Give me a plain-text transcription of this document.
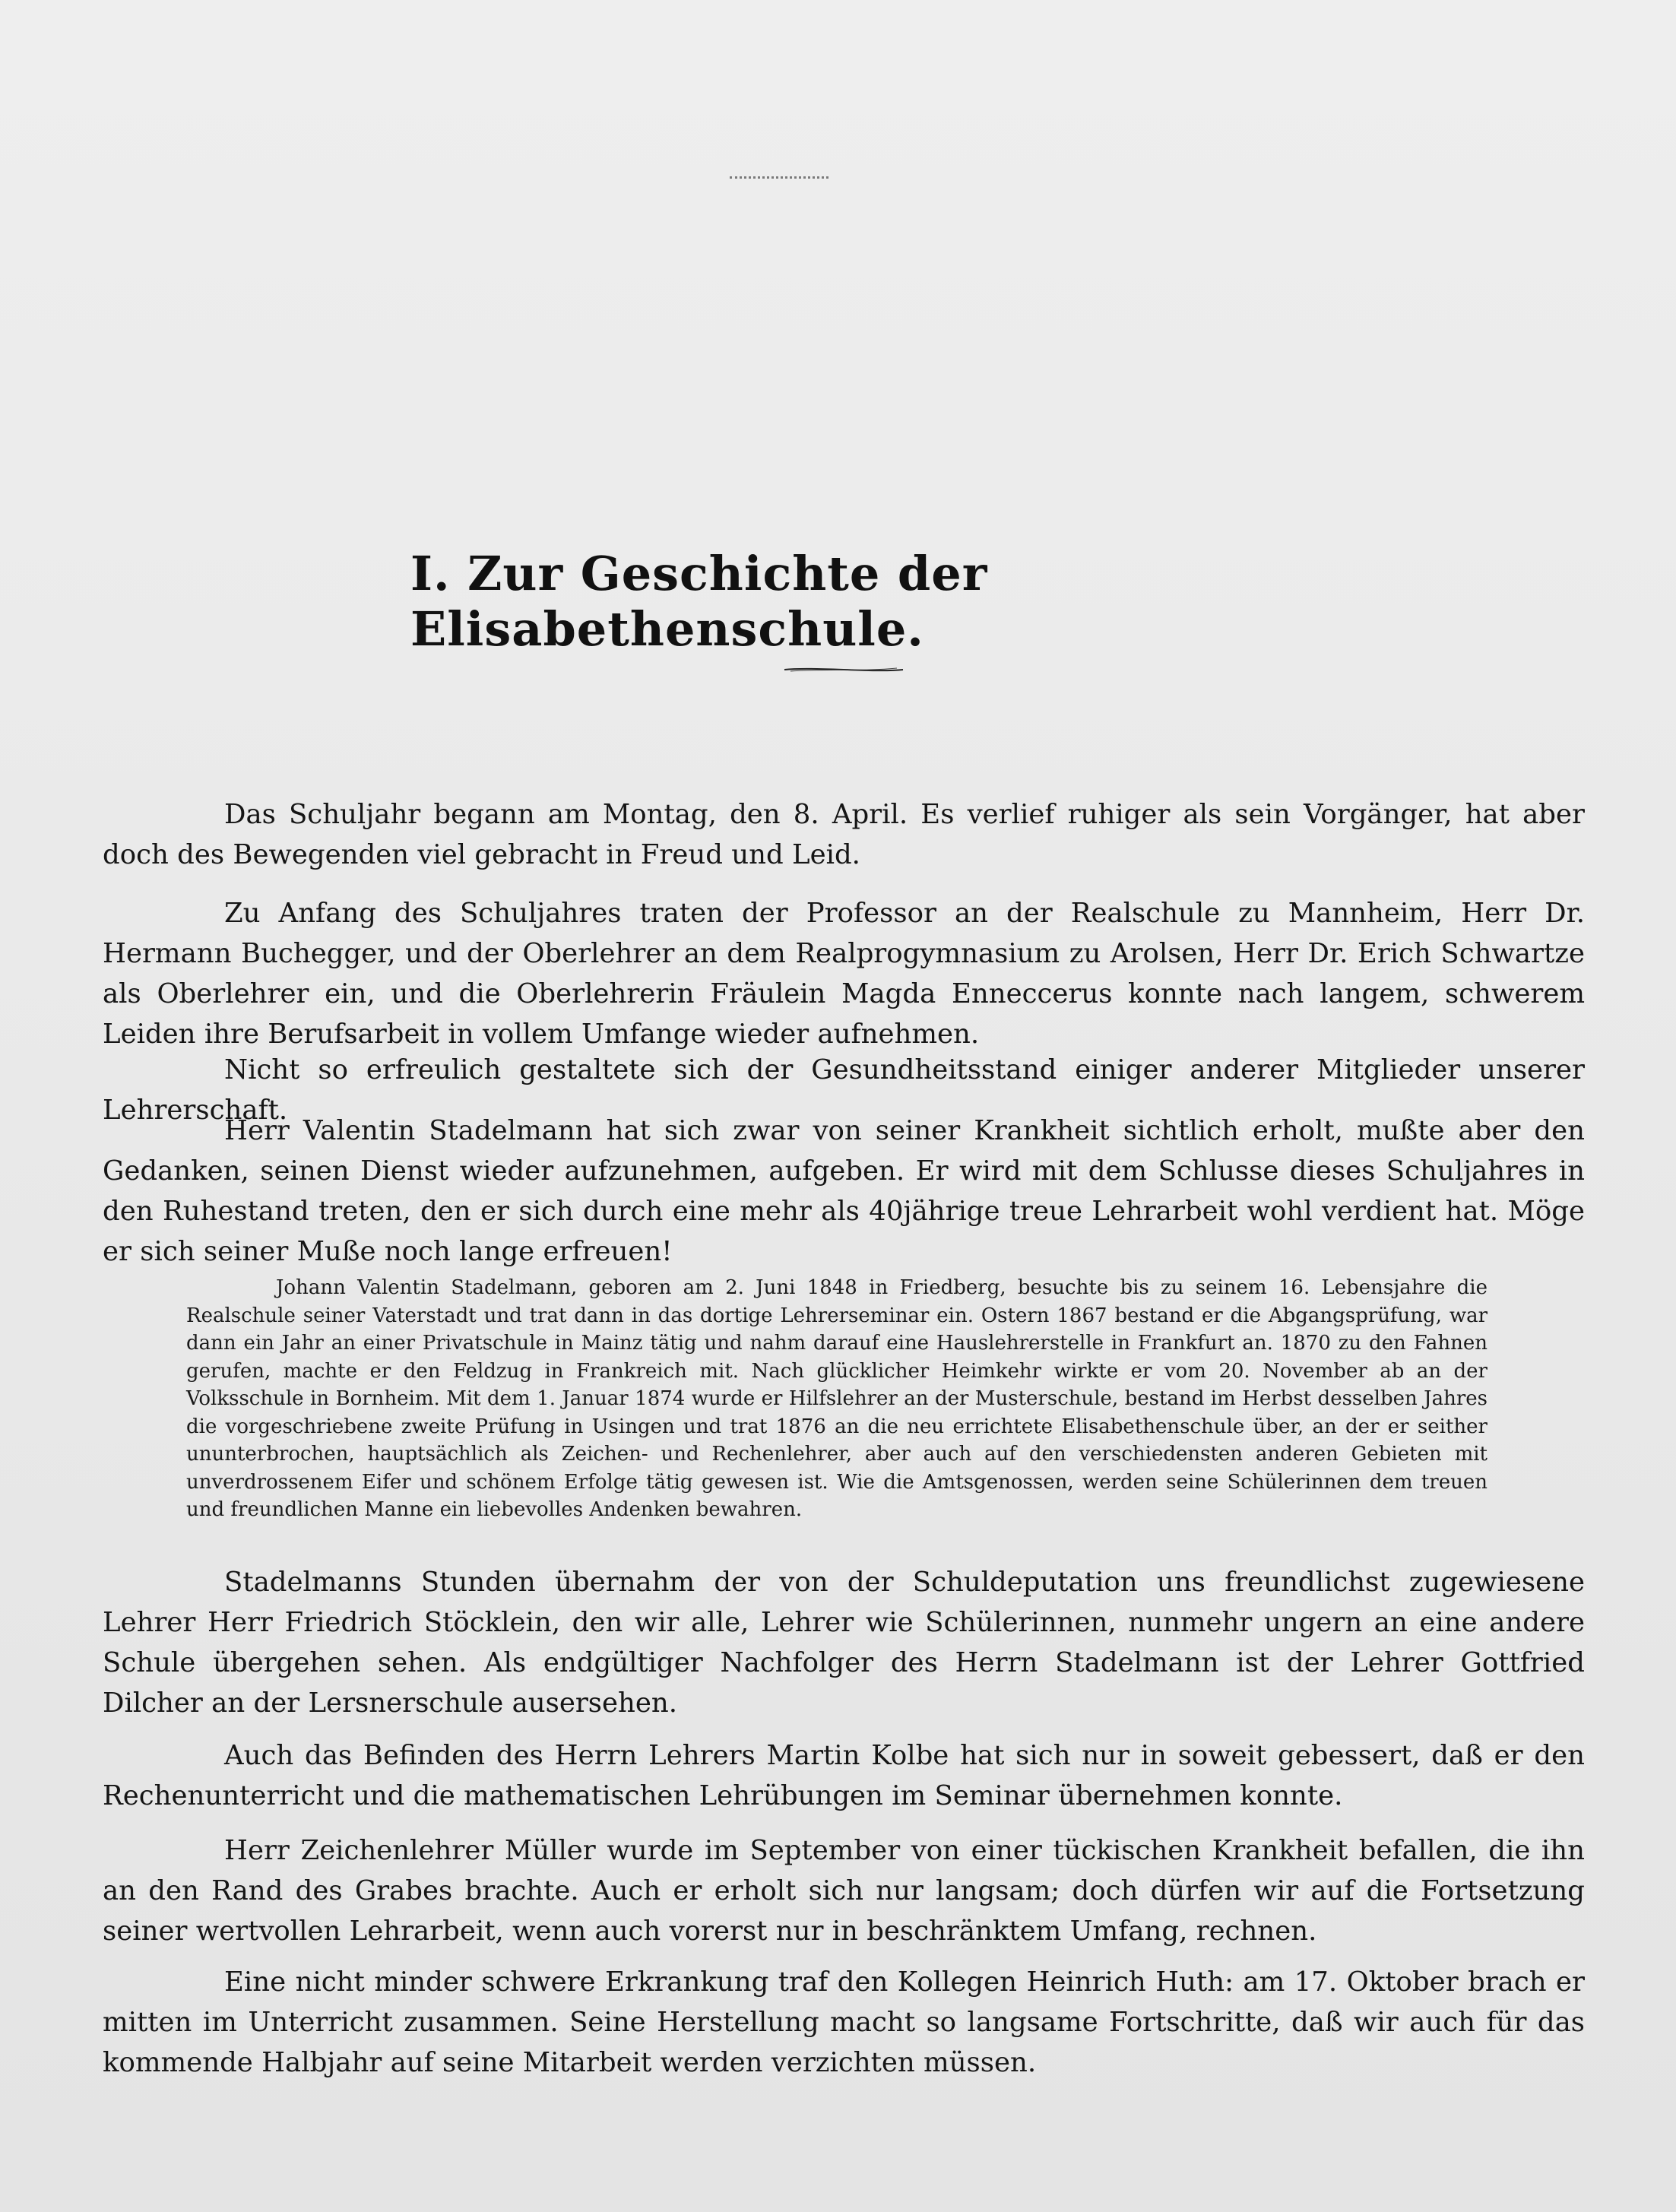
I. Zur Geschichte der Elisabethenschule.

Das Schuljahr begann am Montag, den 8. April. Es verlief ruhiger als sein Vorgänger, hat aber doch des Bewegenden viel gebracht in Freud und Leid.

Zu Anfang des Schuljahres traten der Professor an der Realschule zu Mannheim, Herr Dr. Hermann Buchegger, und der Oberlehrer an dem Realprogymnasium zu Arolsen, Herr Dr. Erich Schwartze als Oberlehrer ein, und die Oberlehrerin Fräulein Magda Enneccerus konnte nach langem, schwerem Leiden ihre Berufsarbeit in vollem Umfange wieder aufnehmen.

Nicht so erfreulich gestaltete sich der Gesundheitsstand einiger anderer Mitglieder unserer Lehrerschaft.

Herr Valentin Stadelmann hat sich zwar von seiner Krankheit sichtlich erholt, mußte aber den Gedanken, seinen Dienst wieder aufzunehmen, aufgeben. Er wird mit dem Schlusse dieses Schuljahres in den Ruhestand treten, den er sich durch eine mehr als 40jährige treue Lehrarbeit wohl verdient hat. Möge er sich seiner Muße noch lange erfreuen!

Johann Valentin Stadelmann, geboren am 2. Juni 1848 in Friedberg, besuchte bis zu seinem 16. Lebensjahre die Realschule seiner Vaterstadt und trat dann in das dortige Lehrerseminar ein. Ostern 1867 bestand er die Abgangsprüfung, war dann ein Jahr an einer Privatschule in Mainz tätig und nahm darauf eine Hauslehrerstelle in Frankfurt an. 1870 zu den Fahnen gerufen, machte er den Feldzug in Frankreich mit. Nach glücklicher Heimkehr wirkte er vom 20. November ab an der Volksschule in Bornheim. Mit dem 1. Januar 1874 wurde er Hilfslehrer an der Musterschule, bestand im Herbst desselben Jahres die vorgeschriebene zweite Prüfung in Usingen und trat 1876 an die neu errichtete Elisabethenschule über, an der er seither ununterbrochen, hauptsächlich als Zeichen- und Rechenlehrer, aber auch auf den verschiedensten anderen Gebieten mit unverdrossenem Eifer und schönem Erfolge tätig gewesen ist. Wie die Amtsgenossen, werden seine Schülerinnen dem treuen und freundlichen Manne ein liebevolles Andenken bewahren.

Stadelmanns Stunden übernahm der von der Schuldeputation uns freundlichst zugewiesene Lehrer Herr Friedrich Stöcklein, den wir alle, Lehrer wie Schülerinnen, nunmehr ungern an eine andere Schule übergehen sehen. Als endgültiger Nachfolger des Herrn Stadelmann ist der Lehrer Gottfried Dilcher an der Lersnerschule ausersehen.

Auch das Befinden des Herrn Lehrers Martin Kolbe hat sich nur in soweit gebessert, daß er den Rechenunterricht und die mathematischen Lehrübungen im Seminar übernehmen konnte.

Herr Zeichenlehrer Müller wurde im September von einer tückischen Krankheit befallen, die ihn an den Rand des Grabes brachte. Auch er erholt sich nur langsam; doch dürfen wir auf die Fortsetzung seiner wertvollen Lehrarbeit, wenn auch vorerst nur in beschränktem Umfang, rechnen.

Eine nicht minder schwere Erkrankung traf den Kollegen Heinrich Huth: am 17. Oktober brach er mitten im Unterricht zusammen. Seine Herstellung macht so langsame Fortschritte, daß wir auch für das kommende Halbjahr auf seine Mitarbeit werden verzichten müssen.
